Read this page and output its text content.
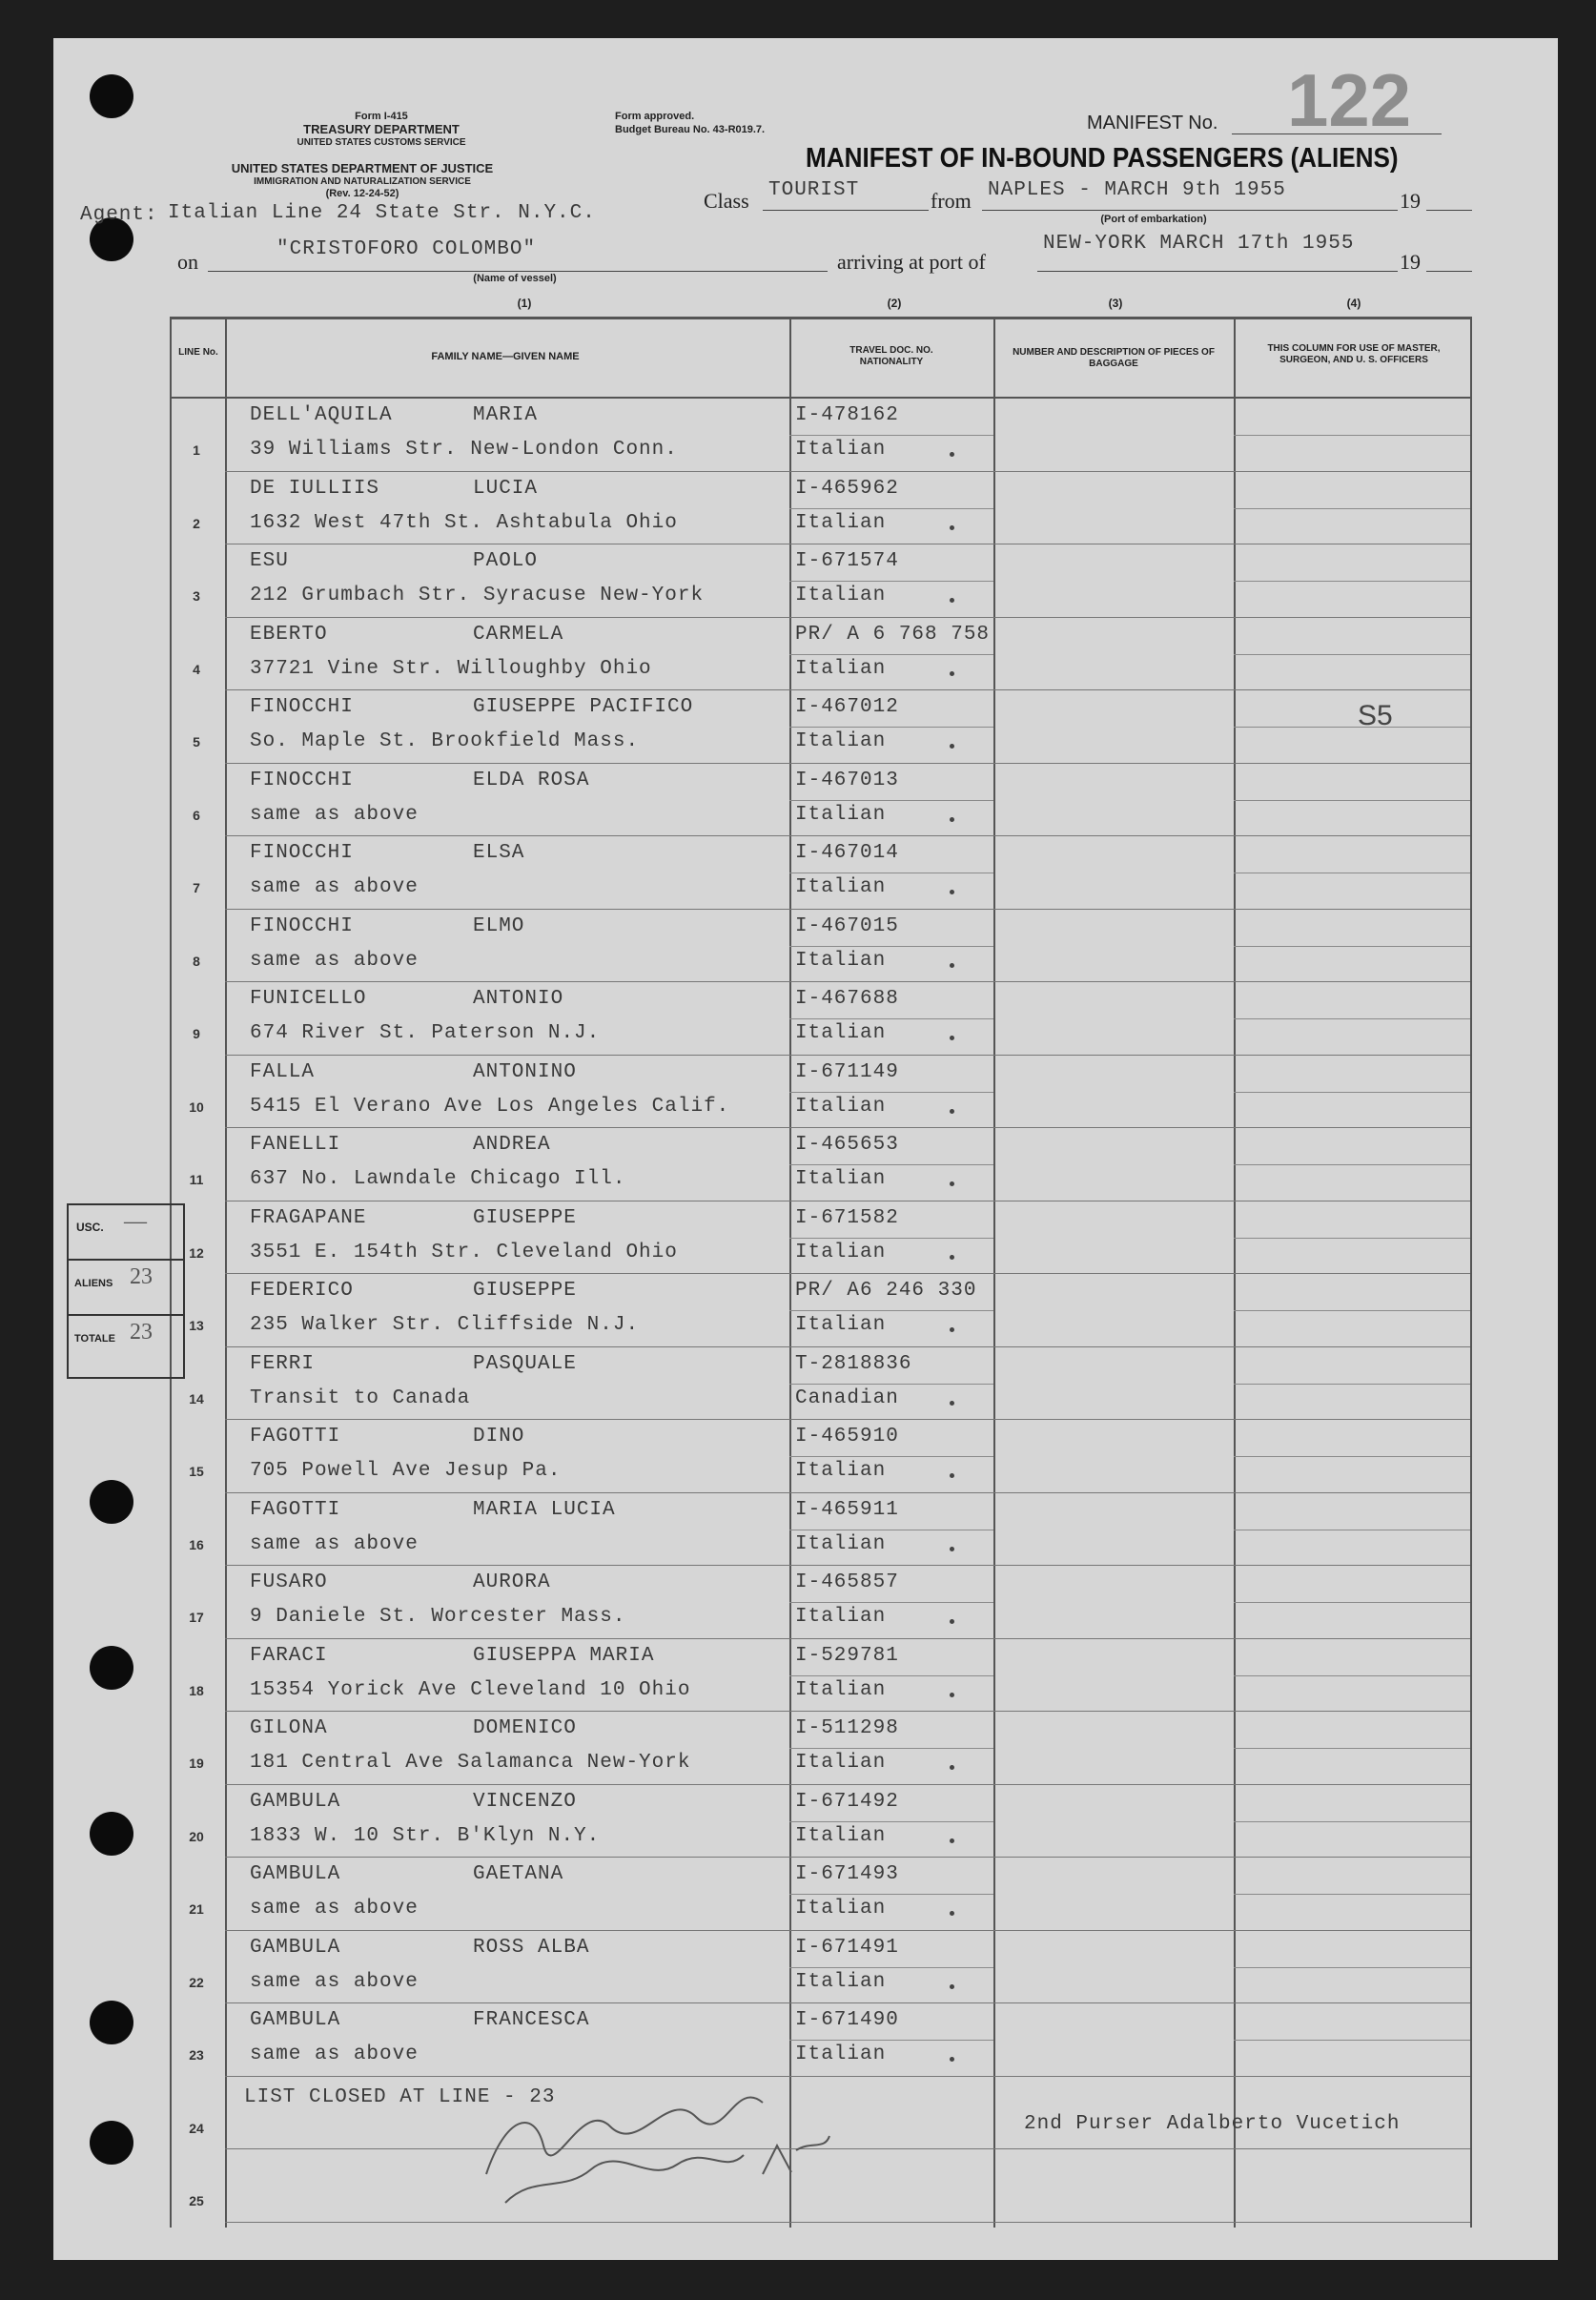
Form I-415
TREASURY DEPARTMENT
UNITED STATES CUSTOMS SERVICE
UNITED STATES DEPARTMENT OF JUSTICE
IMMIGRATION AND NATURALIZATION SERVICE
(Rev. 12-24-52)
Form approved.
Budget Bureau No. 43-R019.7.	MANIFEST No. 122
MANIFEST OF IN-BOUND PASSENGERS (ALIENS)
Class TOURIST	from NAPLES - MARCH 9th 1955	19
(Port of embarkation)
Agent: Italian Line 24 State Str. N.Y.C.
on
"CRISTOFORO COLOMBO"
(Name of vessel)
arriving at port of
NEW-YORK MARCH 17th 1955
19
(1)	(2)	(3)	(4)
LINE No.	FAMILY NAME—GIVEN NAME
TRAVEL DOC. NO. NATIONALITY
NUMBER AND DESCRIPTION OF PIECES OF BAGGAGE
THIS COLUMN FOR USE OF MASTER, SURGEON, AND U. S. OFFICERS
1
DELL'AQUILA	MARIA
39 Williams Str. New-London Conn.
I-478162
Italian
2
DE IULLIIS	LUCIA
1632 West 47th St. Ashtabula Ohio
I-465962
Italian
3
ESU	PAOLO
212 Grumbach Str. Syracuse New-York
I-671574
Italian
4
EBERTO	CARMELA
37721 Vine Str. Willoughby Ohio
PR/ A 6 768 758
Italian
5
FINOCCHI	GIUSEPPE PACIFICO
So. Maple St. Brookfield Mass.
I-467012
Italian
6
FINOCCHI	ELDA ROSA
same as above
I-467013
Italian
7
FINOCCHI	ELSA
same as above
I-467014
Italian
8
FINOCCHI	ELMO
same as above
I-467015
Italian
9
FUNICELLO	ANTONIO
674 River St. Paterson N.J.
I-467688
Italian
10
FALLA	ANTONINO
5415 El Verano Ave Los Angeles Calif.
I-671149
Italian
11
FANELLI	ANDREA
637 No. Lawndale Chicago Ill.
I-465653
Italian
12
FRAGAPANE	GIUSEPPE
3551 E. 154th Str. Cleveland Ohio
I-671582
Italian
13
FEDERICO	GIUSEPPE
235 Walker Str. Cliffside N.J.
PR/ A6 246 330
Italian
14
FERRI	PASQUALE
Transit to Canada
T-2818836
Canadian
15
FAGOTTI	DINO
705 Powell Ave Jesup Pa.
I-465910
Italian
16
FAGOTTI	MARIA LUCIA
same as above
I-465911
Italian
17
FUSARO	AURORA
9 Daniele St. Worcester Mass.
I-465857
Italian
18
FARACI	GIUSEPPA MARIA
15354 Yorick Ave Cleveland 10 Ohio
I-529781
Italian
19
GILONA	DOMENICO
181 Central Ave Salamanca New-York
I-511298
Italian
20
GAMBULA	VINCENZO
1833 W. 10 Str. B'Klyn N.Y.
I-671492
Italian
21
GAMBULA	GAETANA
same as above
I-671493
Italian
22
GAMBULA	ROSS ALBA
same as above
I-671491
Italian
23
GAMBULA	FRANCESCA
same as above
I-671490
Italian
24
25
S5
LIST CLOSED AT LINE - 23
2nd Purser Adalberto Vucetich
USC. —
ALIENS 23
TOTALE 23
